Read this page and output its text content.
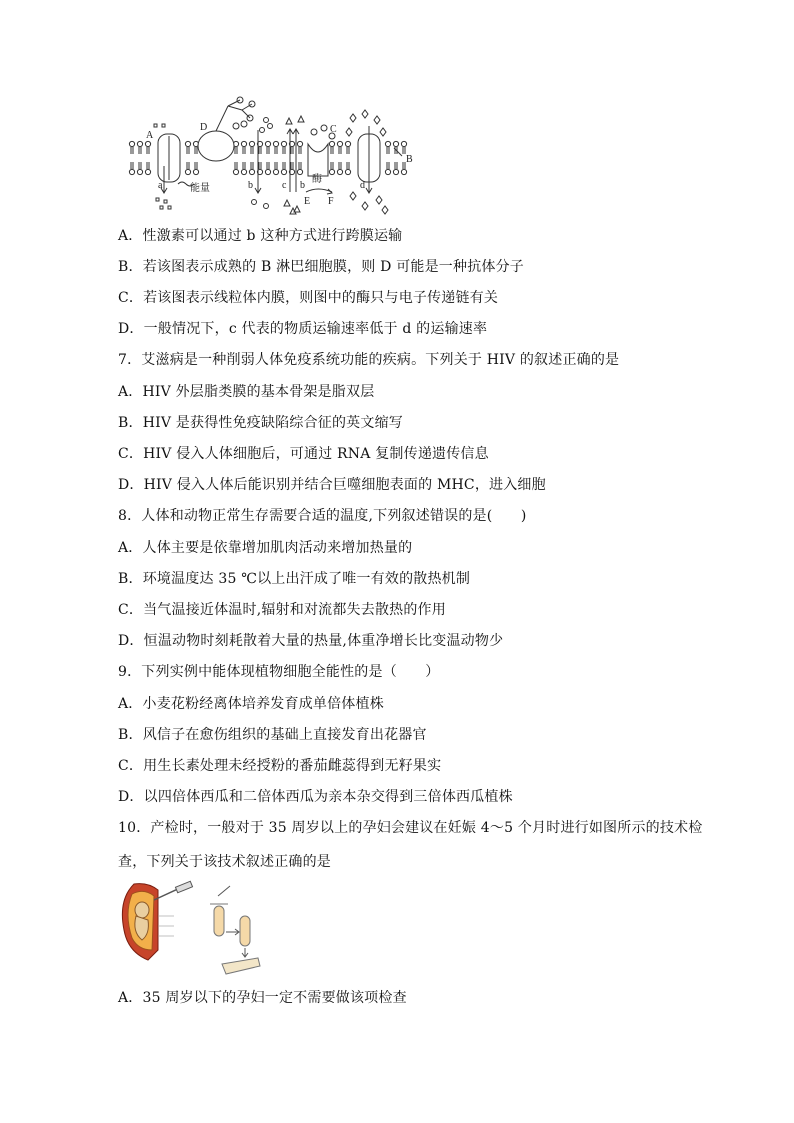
A
D	C
B
a	b	c b	d
E F
能量
酶
A．性激素可以通过 b 这种方式进行跨膜运输
B．若该图表示成熟的 B 淋巴细胞膜，则 D 可能是一种抗体分子
C．若该图表示线粒体内膜，则图中的酶只与电子传递链有关
D．一般情况下，c 代表的物质运输速率低于 d 的运输速率
7．艾滋病是一种削弱人体免疫系统功能的疾病。下列关于 HIV 的叙述正确的是
A．HIV 外层脂类膜的基本骨架是脂双层
B．HIV 是获得性免疫缺陷综合征的英文缩写
C．HIV 侵入人体细胞后，可通过 RNA 复制传递遗传信息
D．HIV 侵入人体后能识别并结合巨噬细胞表面的 MHC，进入细胞
8．人体和动物正常生存需要合适的温度,下列叙述错误的是(　　)
A．人体主要是依靠增加肌肉活动来增加热量的
B．环境温度达 35 ℃以上出汗成了唯一有效的散热机制
C．当气温接近体温时,辐射和对流都失去散热的作用
D．恒温动物时刻耗散着大量的热量,体重净增长比变温动物少
9．下列实例中能体现植物细胞全能性的是（　　）
A．小麦花粉经离体培养发育成单倍体植株
B．风信子在愈伤组织的基础上直接发育出花器官
C．用生长素处理未经授粉的番茄雌蕊得到无籽果实
D．以四倍体西瓜和二倍体西瓜为亲本杂交得到三倍体西瓜植株
10．产检时，一般对于 35 周岁以上的孕妇会建议在妊娠 4～5 个月时进行如图所示的技术检
查，下列关于该技术叙述正确的是
A．35 周岁以下的孕妇一定不需要做该项检查
